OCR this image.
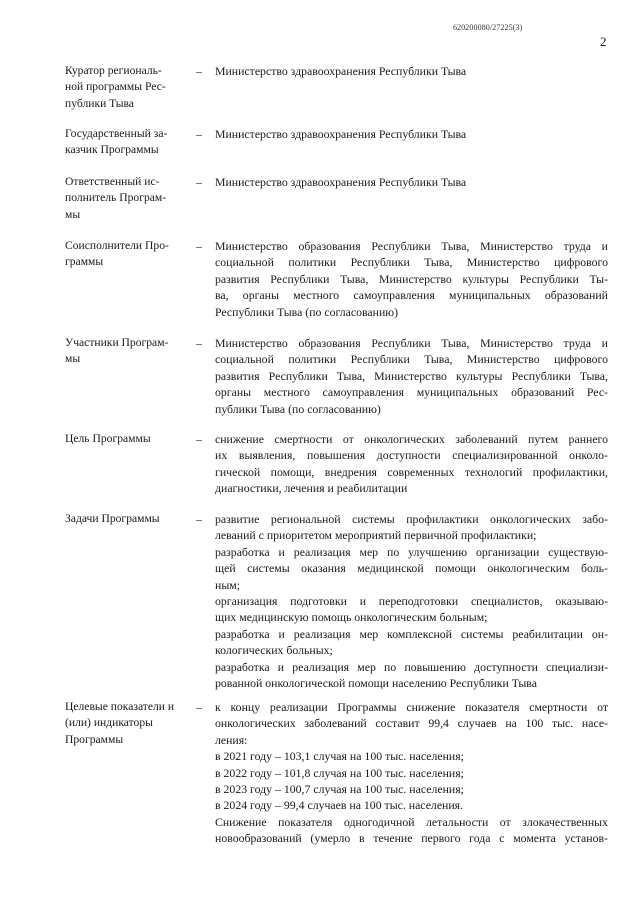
620200080/27225(3)
2
Куратор региональ-
ной программы Рес-
публики Тыва
– Министерство здравоохранения Республики Тыва
Государственный за-
казчик Программы
– Министерство здравоохранения Республики Тыва
Ответственный ис-
полнитель Програм-
мы
– Министерство здравоохранения Республики Тыва
Соисполнители Про-
граммы
– Министерство образования Республики Тыва, Министерство труда и
социальной политики Республики Тыва, Министерство цифрового
развития Республики Тыва, Министерство культуры Республики Ты-
ва, органы местного самоуправления муниципальных образований
Республики Тыва (по согласованию)
Участники Програм-
мы
– Министерство образования Республики Тыва, Министерство труда и
социальной политики Республики Тыва, Министерство цифрового
развития Республики Тыва, Министерство культуры Республики Тыва,
органы местного самоуправления муниципальных образований Рес-
публики Тыва (по согласованию)
Цель Программы	– снижение смертности от онкологических заболеваний путем раннего
их выявления, повышения доступности специализированной онколо-
гической помощи, внедрения современных технологий профилактики,
диагностики, лечения и реабилитации
Задачи Программы	– развитие региональной системы профилактики онкологических забо-
леваний с приоритетом мероприятий первичной профилактики;
разработка и реализация мер по улучшению организации существую-
щей системы оказания медицинской помощи онкологическим боль-
ным;
организация подготовки и переподготовки специалистов, оказываю-
щих медицинскую помощь онкологическим больным;
разработка и реализация мер комплексной системы реабилитации он-
кологических больных;
разработка и реализация мер по повышению доступности специализи-
рованной онкологической помощи населению Республики Тыва
Целевые показатели и
(или) индикаторы
Программы
– к концу реализации Программы снижение показателя смертности от
онкологических заболеваний составит 99,4 случаев на 100 тыс. насе-
ления:
в 2021 году – 103,1 случая на 100 тыс. населения;
в 2022 году – 101,8 случая на 100 тыс. населения;
в 2023 году – 100,7 случая на 100 тыс. населения;
в 2024 году – 99,4 случаев на 100 тыс. населения.
Снижение показателя одногодичной летальности от злокачественных
новообразований (умерло в течение первого года с момента установ-
